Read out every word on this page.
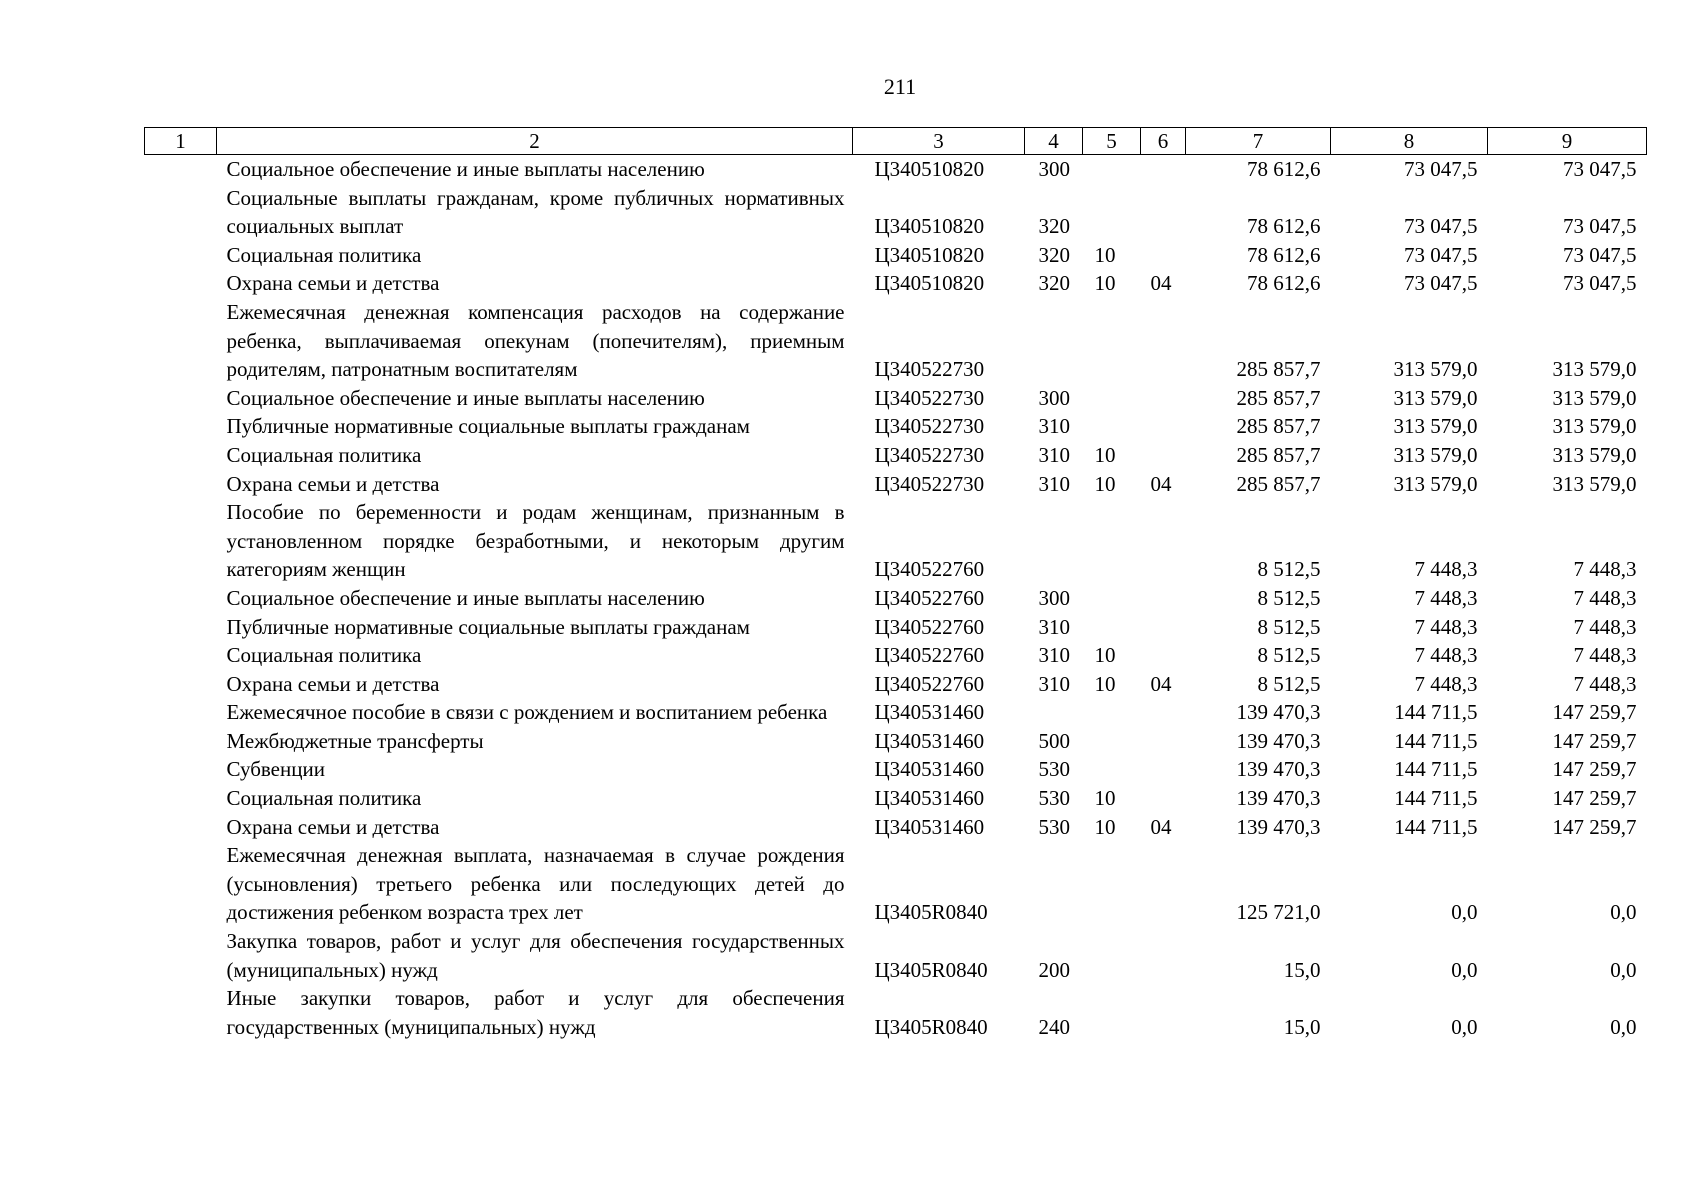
211
1	2	3	4	5	6	7	8	9
	Социальное обеспечение и иные выплаты населению	Ц340510820	300			78 612,6	73 047,5	73 047,5
	Социальные выплаты гражданам, кроме публичных нормативных социальных выплат	Ц340510820	320			78 612,6	73 047,5	73 047,5
	Социальная политика	Ц340510820	320	10		78 612,6	73 047,5	73 047,5
	Охрана семьи и детства	Ц340510820	320	10	04	78 612,6	73 047,5	73 047,5
	Ежемесячная денежная компенсация расходов на содержание ребенка, выплачиваемая опекунам (попечителям), приемным родителям, патронатным воспитателям	Ц340522730				285 857,7	313 579,0	313 579,0
	Социальное обеспечение и иные выплаты населению	Ц340522730	300			285 857,7	313 579,0	313 579,0
	Публичные нормативные социальные выплаты гражданам	Ц340522730	310			285 857,7	313 579,0	313 579,0
	Социальная политика	Ц340522730	310	10		285 857,7	313 579,0	313 579,0
	Охрана семьи и детства	Ц340522730	310	10	04	285 857,7	313 579,0	313 579,0
	Пособие по беременности и родам женщинам, признанным в установленном порядке безработными, и некоторым другим категориям женщин	Ц340522760				8 512,5	7 448,3	7 448,3
	Социальное обеспечение и иные выплаты населению	Ц340522760	300			8 512,5	7 448,3	7 448,3
	Публичные нормативные социальные выплаты гражданам	Ц340522760	310			8 512,5	7 448,3	7 448,3
	Социальная политика	Ц340522760	310	10		8 512,5	7 448,3	7 448,3
	Охрана семьи и детства	Ц340522760	310	10	04	8 512,5	7 448,3	7 448,3
	Ежемесячное пособие в связи с рождением и воспитанием ребенка	Ц340531460				139 470,3	144 711,5	147 259,7
	Межбюджетные трансферты	Ц340531460	500			139 470,3	144 711,5	147 259,7
	Субвенции	Ц340531460	530			139 470,3	144 711,5	147 259,7
	Социальная политика	Ц340531460	530	10		139 470,3	144 711,5	147 259,7
	Охрана семьи и детства	Ц340531460	530	10	04	139 470,3	144 711,5	147 259,7
	Ежемесячная денежная выплата, назначаемая в случае рождения (усыновления) третьего ребенка или последующих детей до достижения ребенком возраста трех лет	Ц3405R0840				125 721,0	0,0	0,0
	Закупка товаров, работ и услуг для обеспечения государственных (муниципальных) нужд	Ц3405R0840	200			15,0	0,0	0,0
	Иные закупки товаров, работ и услуг для обеспечения государственных (муниципальных) нужд	Ц3405R0840	240			15,0	0,0	0,0
